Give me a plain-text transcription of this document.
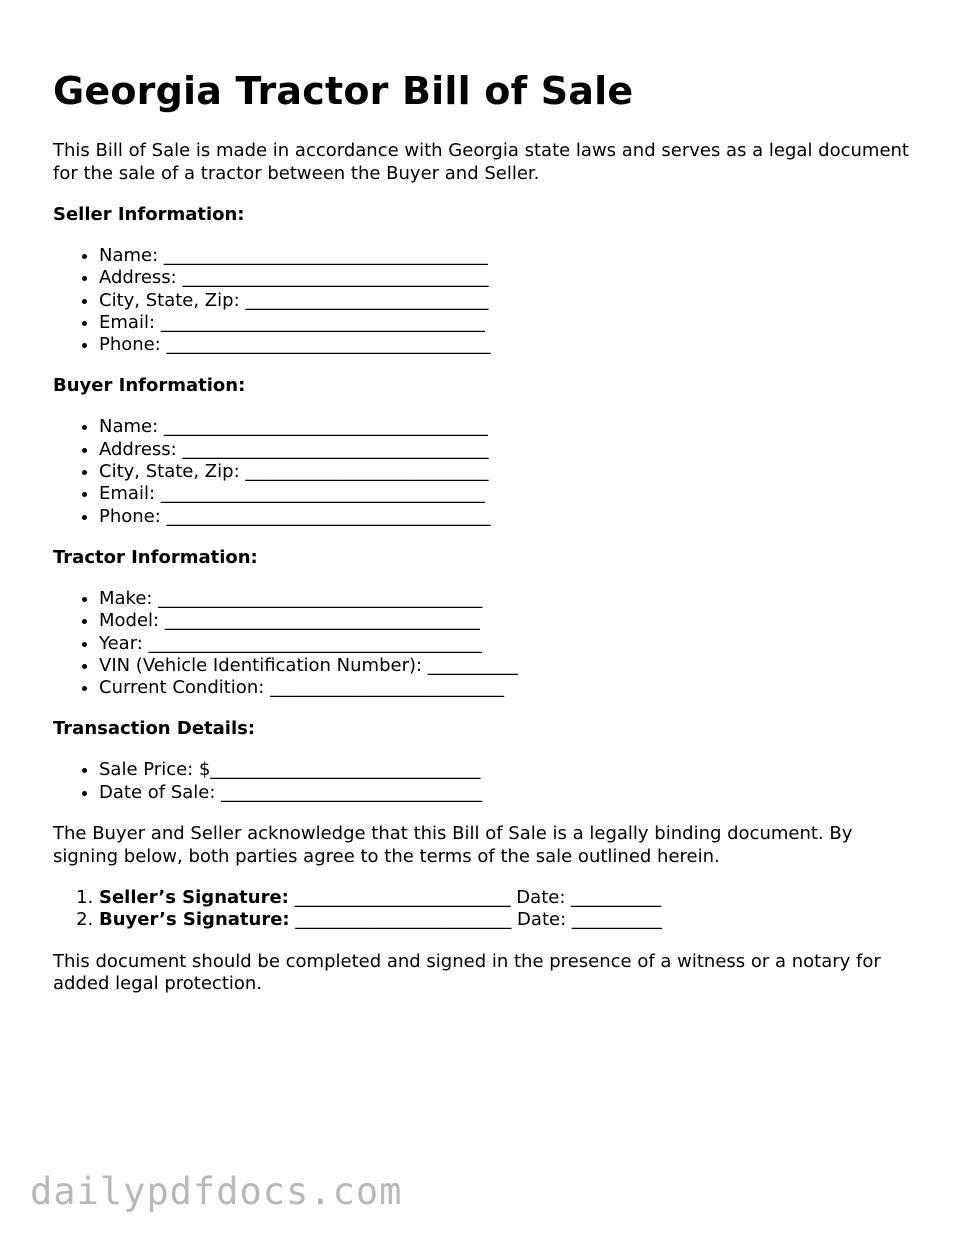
Georgia Tractor Bill of Sale

This Bill of Sale is made in accordance with Georgia state laws and serves as a legal document for the sale of a tractor between the Buyer and Seller.

Seller Information:
• Name: ____________________________________
• Address: __________________________________
• City, State, Zip: ___________________________
• Email: ____________________________________
• Phone: ____________________________________
Buyer Information:
• Name: ____________________________________
• Address: __________________________________
• City, State, Zip: ___________________________
• Email: ____________________________________
• Phone: ____________________________________
Tractor Information:
• Make: ____________________________________
• Model: ___________________________________
• Year: _____________________________________
• VIN (Vehicle Identification Number): __________
• Current Condition: __________________________
Transaction Details:
• Sale Price: $______________________________
• Date of Sale: _____________________________

The Buyer and Seller acknowledge that this Bill of Sale is a legally binding document. By signing below, both parties agree to the terms of the sale outlined herein.

1. Seller’s Signature: ________________________ Date: __________
2. Buyer’s Signature: ________________________ Date: __________

This document should be completed and signed in the presence of a witness or a notary for added legal protection.

dailypdfdocs.com
